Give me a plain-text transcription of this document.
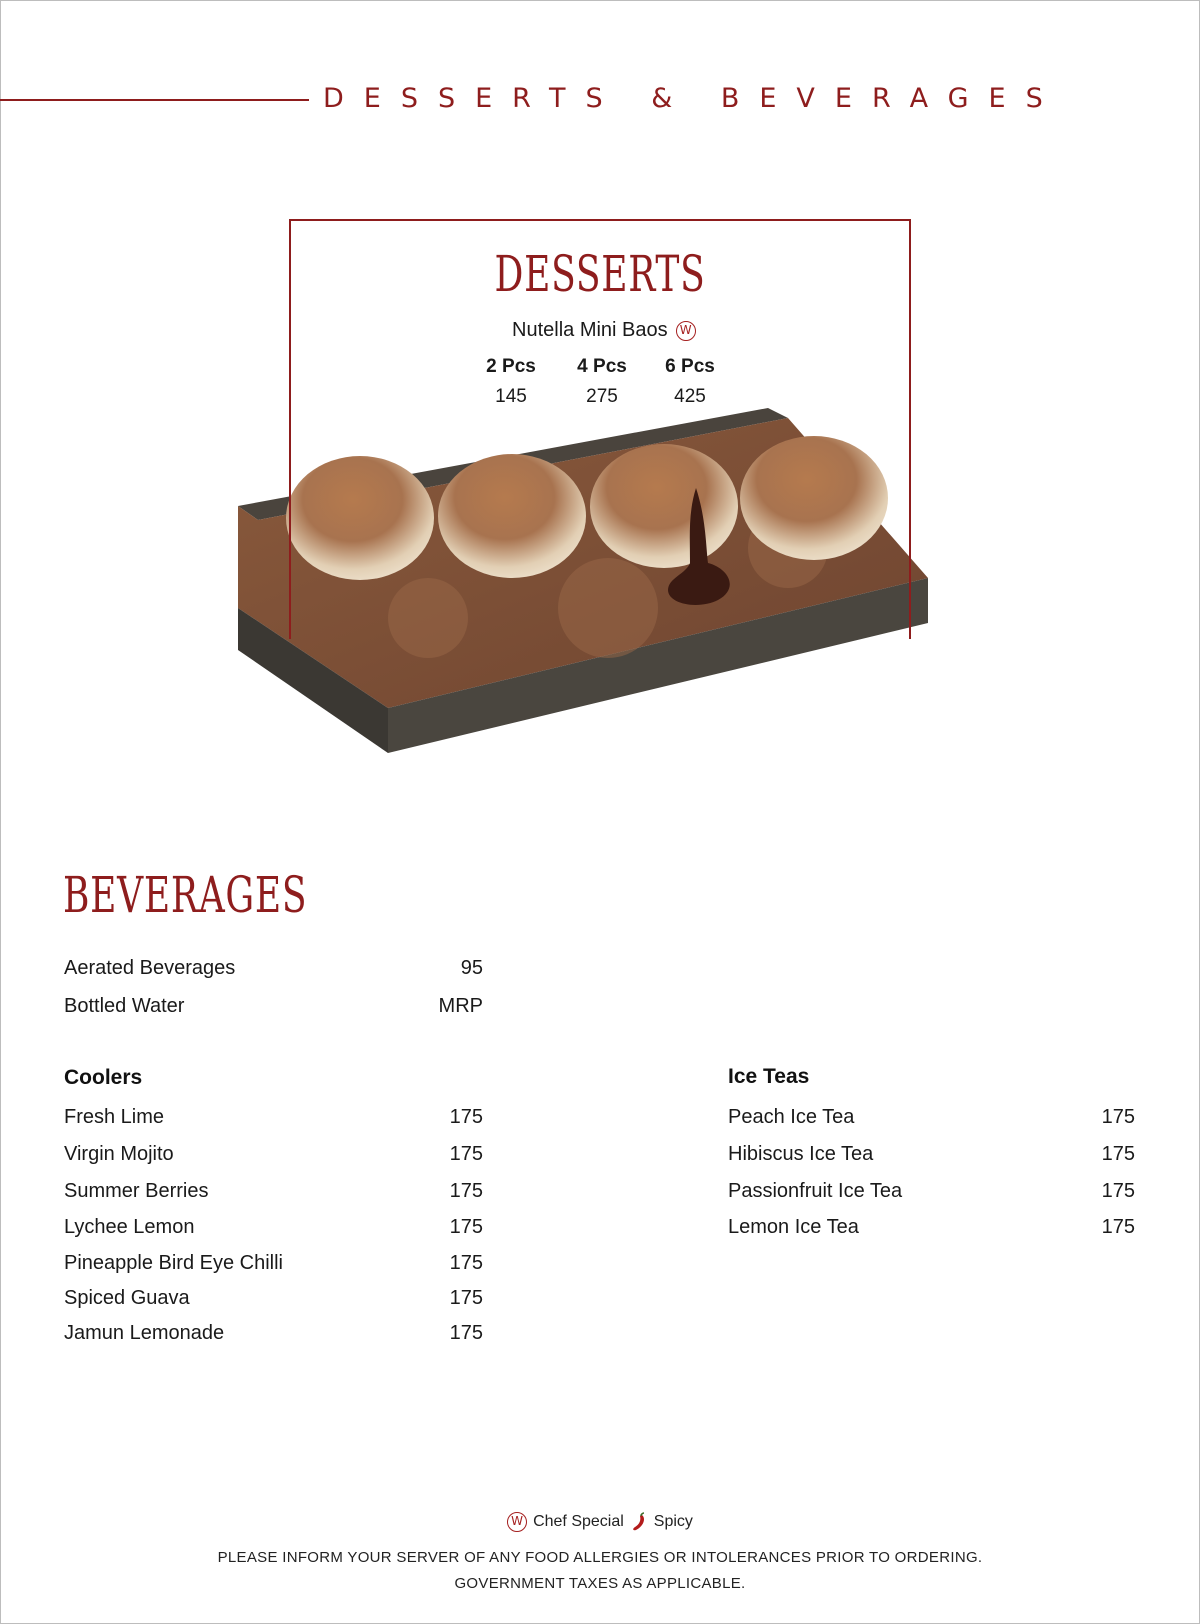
DESSERTS & BEVERAGES
DESSERTS
Nutella Mini Baos	W
2 Pcs	4 Pcs	6 Pcs
145	275	425
BEVERAGES
Aerated Beverages	95
Bottled Water	MRP
Coolers
Fresh Lime	175
Virgin Mojito	175
Summer Berries	175
Lychee Lemon	175
Pineapple Bird Eye Chilli	175
Spiced Guava	175
Jamun Lemonade	175
Ice Teas
Peach Ice Tea	175
Hibiscus Ice Tea	175
Passionfruit Ice Tea	175
Lemon Ice Tea	175
W Chef Special Spicy
PLEASE INFORM YOUR SERVER OF ANY FOOD ALLERGIES OR INTOLERANCES PRIOR TO ORDERING.
GOVERNMENT TAXES AS APPLICABLE.
